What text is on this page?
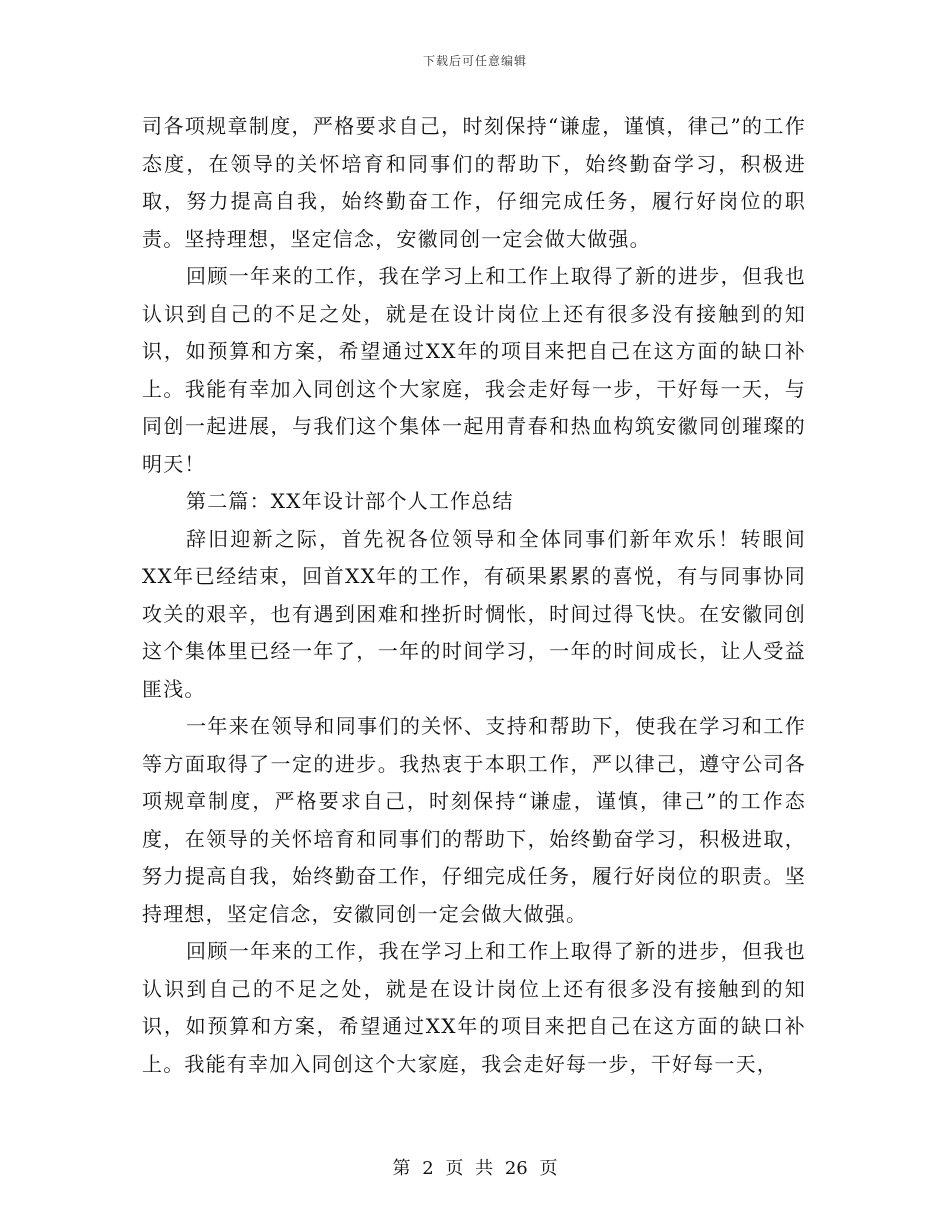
下载后可任意编辑

司各项规章制度，严格要求自己，时刻保持“谦虚，谨慎，律己”的工作态度，在领导的关怀培育和同事们的帮助下，始终勤奋学习，积极进取，努力提高自我，始终勤奋工作，仔细完成任务，履行好岗位的职责。坚持理想，坚定信念，安徽同创一定会做大做强。

回顾一年来的工作，我在学习上和工作上取得了新的进步，但我也认识到自己的不足之处，就是在设计岗位上还有很多没有接触到的知识，如预算和方案，希望通过XX年的项目来把自己在这方面的缺口补上。我能有幸加入同创这个大家庭，我会走好每一步，干好每一天，与同创一起进展，与我们这个集体一起用青春和热血构筑安徽同创璀璨的明天！

第二篇：XX年设计部个人工作总结

辞旧迎新之际，首先祝各位领导和全体同事们新年欢乐！转眼间XX年已经结束，回首XX年的工作，有硕果累累的喜悦，有与同事协同攻关的艰辛，也有遇到困难和挫折时惆怅，时间过得飞快。在安徽同创这个集体里已经一年了，一年的时间学习，一年的时间成长，让人受益匪浅。

一年来在领导和同事们的关怀、支持和帮助下，使我在学习和工作等方面取得了一定的进步。我热衷于本职工作，严以律己，遵守公司各项规章制度，严格要求自己，时刻保持“谦虚，谨慎，律己”的工作态度，在领导的关怀培育和同事们的帮助下，始终勤奋学习，积极进取，努力提高自我，始终勤奋工作，仔细完成任务，履行好岗位的职责。坚持理想，坚定信念，安徽同创一定会做大做强。

回顾一年来的工作，我在学习上和工作上取得了新的进步，但我也认识到自己的不足之处，就是在设计岗位上还有很多没有接触到的知识，如预算和方案，希望通过XX年的项目来把自己在这方面的缺口补上。我能有幸加入同创这个大家庭，我会走好每一步，干好每一天，

第 2 页 共 26 页
